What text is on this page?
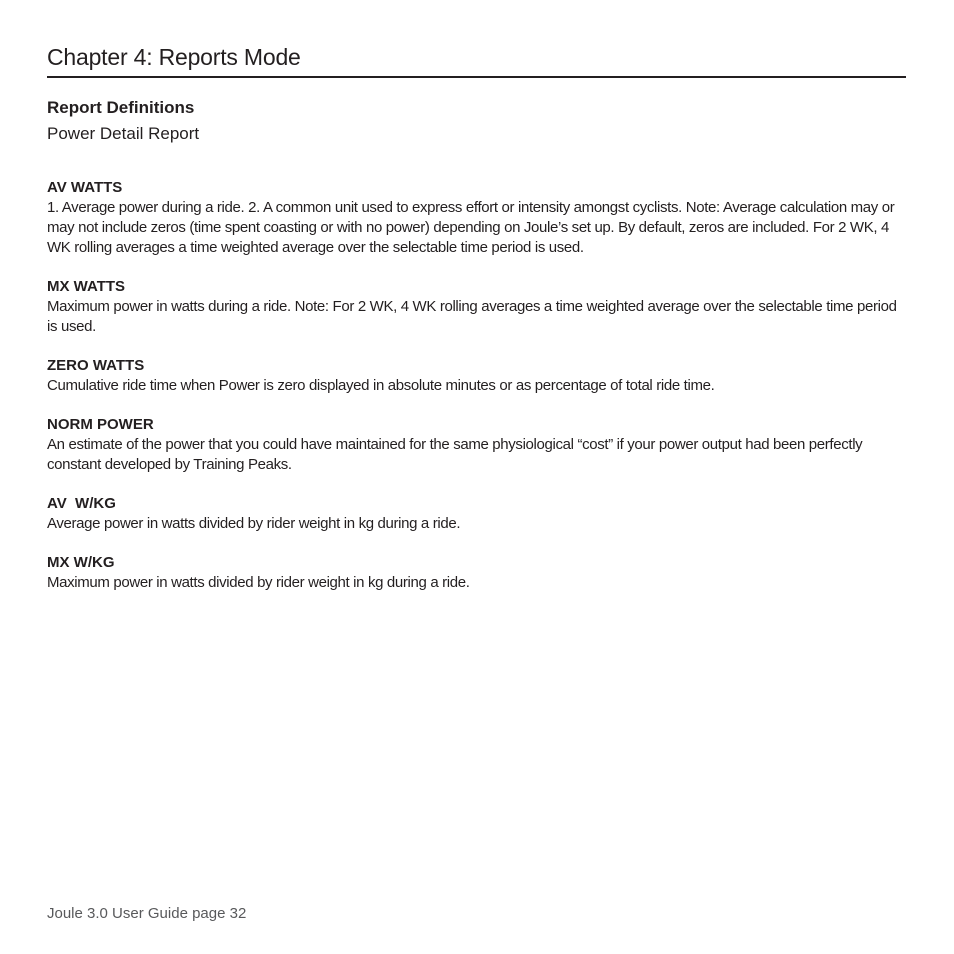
Chapter 4: Reports Mode
Report Definitions

Power Detail Report

AV WATTS
1. Average power during a ride. 2. A common unit used to express effort or intensity amongst cyclists. Note: Average calculation may or may not include zeros (time spent coasting or with no power) depending on Joule’s set up. By default, zeros are included. For 2 WK, 4 WK rolling averages a time weighted average over the selectable time period is used.
MX WATTS
Maximum power in watts during a ride. Note: For 2 WK, 4 WK rolling averages a time weighted average over the selectable time period is used.
ZERO WATTS
Cumulative ride time when Power is zero displayed in absolute minutes or as percentage of total ride time.
NORM POWER
An estimate of the power that you could have maintained for the same physiological “cost” if your power output had been perfectly constant developed by Training Peaks.
AV  W/KG
Average power in watts divided by rider weight in kg during a ride.
MX W/KG
Maximum power in watts divided by rider weight in kg during a ride.
Joule 3.0 User Guide page 32
